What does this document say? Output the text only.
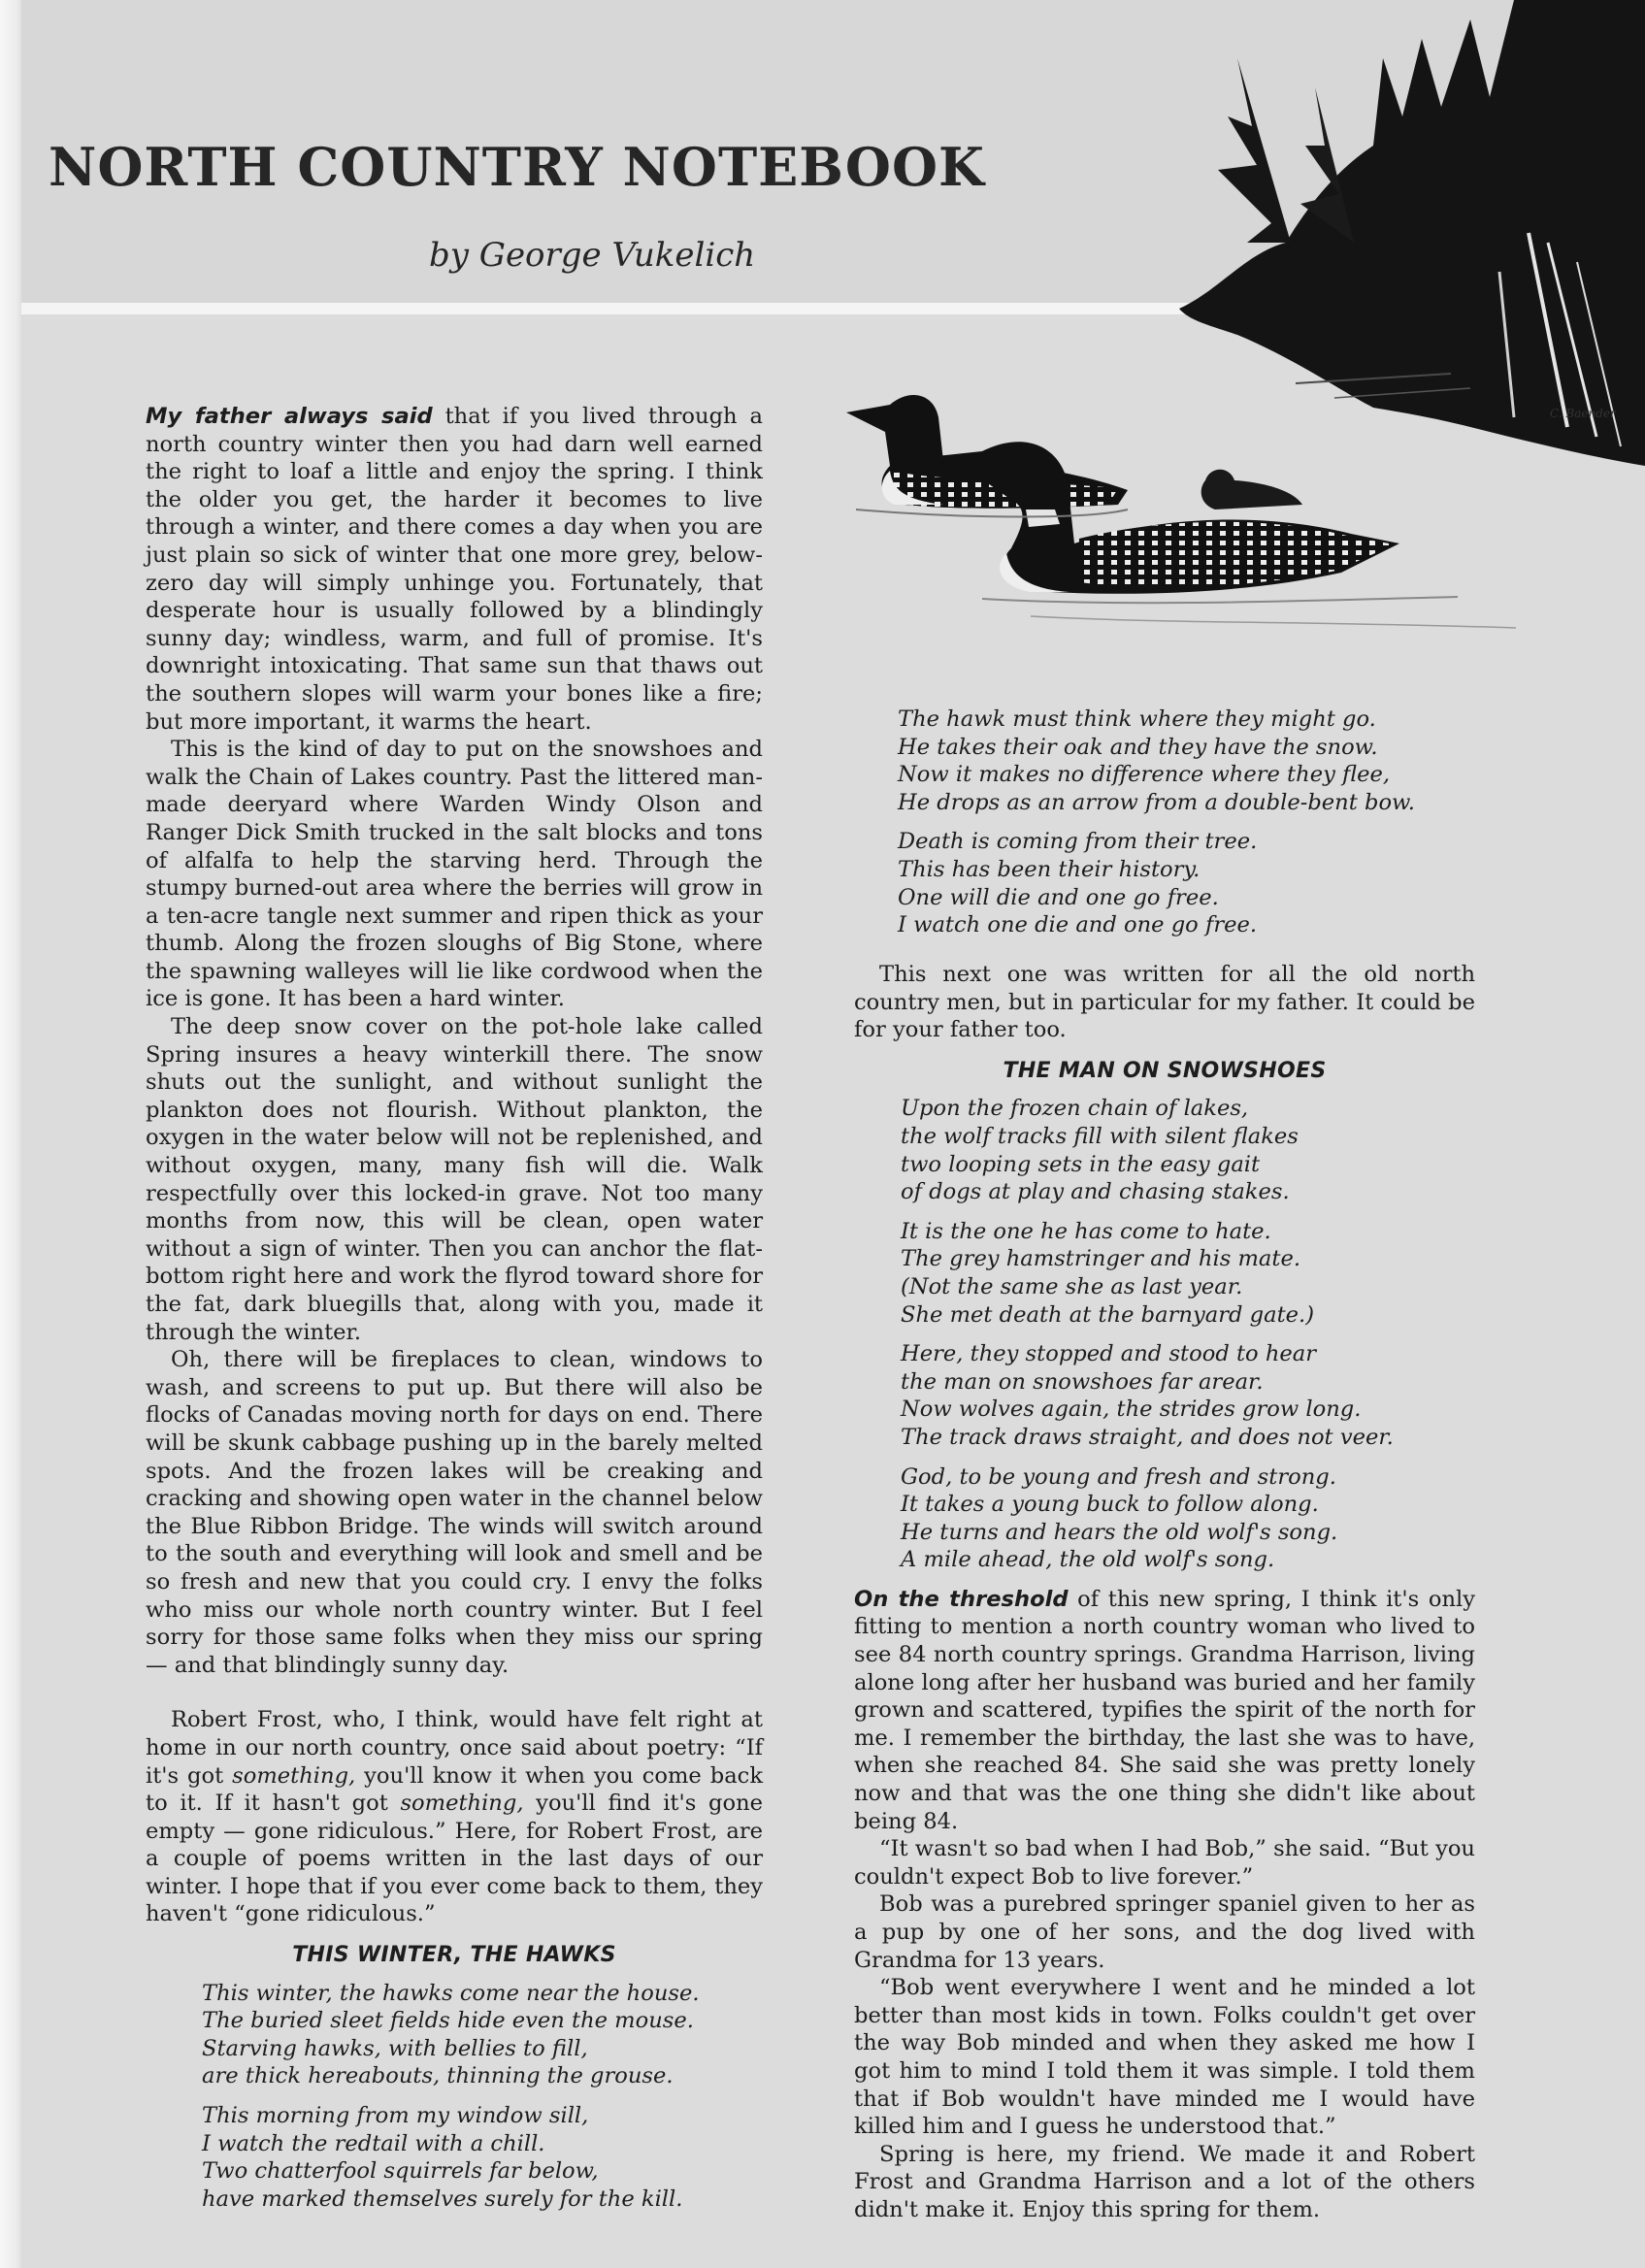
NORTH COUNTRY NOTEBOOK

by George Vukelich

C. Baender

My father always said that if you lived through a north country winter then you had darn well earned the right to loaf a little and enjoy the spring. I think the older you get, the harder it becomes to live through a winter, and there comes a day when you are just plain so sick of winter that one more grey, below-zero day will simply unhinge you. Fortunately, that desperate hour is usually followed by a blindingly sunny day; windless, warm, and full of promise. It's downright intoxicating. That same sun that thaws out the southern slopes will warm your bones like a fire; but more important, it warms the heart.

This is the kind of day to put on the snowshoes and walk the Chain of Lakes country. Past the littered man-made deeryard where Warden Windy Olson and Ranger Dick Smith trucked in the salt blocks and tons of alfalfa to help the starving herd. Through the stumpy burned-out area where the berries will grow in a ten-acre tangle next summer and ripen thick as your thumb. Along the frozen sloughs of Big Stone, where the spawning walleyes will lie like cordwood when the ice is gone. It has been a hard winter.

The deep snow cover on the pot-hole lake called Spring insures a heavy winterkill there. The snow shuts out the sunlight, and without sunlight the plankton does not flourish. Without plankton, the oxygen in the water below will not be replenished, and without oxygen, many, many fish will die. Walk respectfully over this locked-in grave. Not too many months from now, this will be clean, open water without a sign of winter. Then you can anchor the flat-bottom right here and work the flyrod toward shore for the fat, dark bluegills that, along with you, made it through the winter.

Oh, there will be fireplaces to clean, windows to wash, and screens to put up. But there will also be flocks of Canadas moving north for days on end. There will be skunk cabbage pushing up in the barely melted spots. And the frozen lakes will be creaking and cracking and showing open water in the channel below the Blue Ribbon Bridge. The winds will switch around to the south and everything will look and smell and be so fresh and new that you could cry. I envy the folks who miss our whole north country winter. But I feel sorry for those same folks when they miss our spring — and that blindingly sunny day.

Robert Frost, who, I think, would have felt right at home in our north country, once said about poetry: “If it's got something, you'll know it when you come back to it. If it hasn't got something, you'll find it's gone empty — gone ridiculous.” Here, for Robert Frost, are a couple of poems written in the last days of our winter. I hope that if you ever come back to them, they haven't “gone ridiculous.”

THIS WINTER, THE HAWKS
This winter, the hawks come near the house.
The buried sleet fields hide even the mouse.
Starving hawks, with bellies to fill,
are thick hereabouts, thinning the grouse.
This morning from my window sill,
I watch the redtail with a chill.
Two chatterfool squirrels far below,
have marked themselves surely for the kill.
The hawk must think where they might go.
He takes their oak and they have the snow.
Now it makes no difference where they flee,
He drops as an arrow from a double-bent bow.
Death is coming from their tree.
This has been their history.
One will die and one go free.
I watch one die and one go free.

This next one was written for all the old north country men, but in particular for my father. It could be for your father too.

THE MAN ON SNOWSHOES
Upon the frozen chain of lakes,
the wolf tracks fill with silent flakes
two looping sets in the easy gait
of dogs at play and chasing stakes.
It is the one he has come to hate.
The grey hamstringer and his mate.
(Not the same she as last year.
She met death at the barnyard gate.)
Here, they stopped and stood to hear
the man on snowshoes far arear.
Now wolves again, the strides grow long.
The track draws straight, and does not veer.
God, to be young and fresh and strong.
It takes a young buck to follow along.
He turns and hears the old wolf's song.
A mile ahead, the old wolf's song.

On the threshold of this new spring, I think it's only fitting to mention a north country woman who lived to see 84 north country springs. Grandma Harrison, living alone long after her husband was buried and her family grown and scattered, typifies the spirit of the north for me. I remember the birthday, the last she was to have, when she reached 84. She said she was pretty lonely now and that was the one thing she didn't like about being 84.

“It wasn't so bad when I had Bob,” she said. “But you couldn't expect Bob to live forever.”

Bob was a purebred springer spaniel given to her as a pup by one of her sons, and the dog lived with Grandma for 13 years.

“Bob went everywhere I went and he minded a lot better than most kids in town. Folks couldn't get over the way Bob minded and when they asked me how I got him to mind I told them it was simple. I told them that if Bob wouldn't have minded me I would have killed him and I guess he understood that.”

Spring is here, my friend. We made it and Robert Frost and Grandma Harrison and a lot of the others didn't make it. Enjoy this spring for them.
